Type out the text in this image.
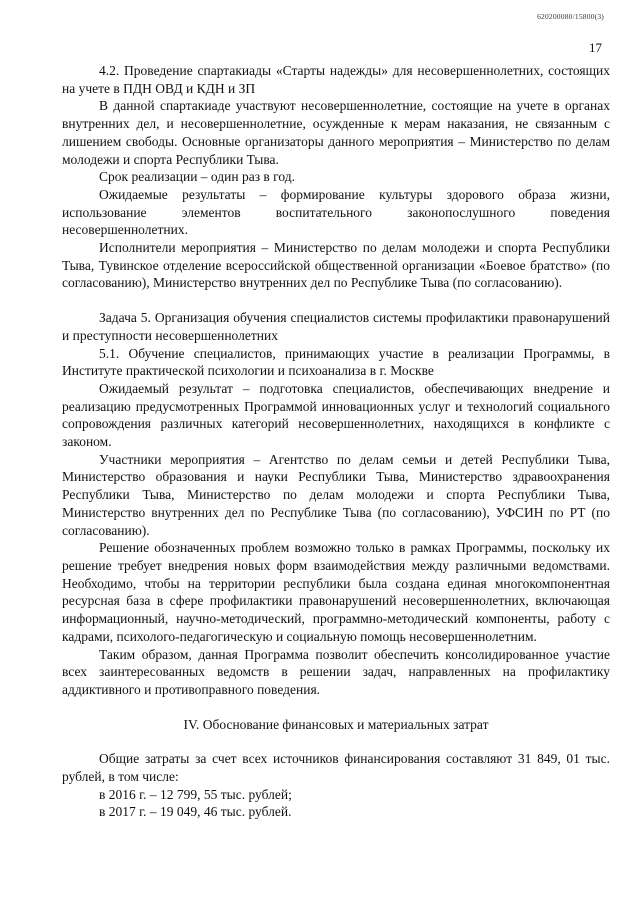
620200080/15800(3)
17

4.2. Проведение спартакиады «Старты надежды» для несовершеннолетних, состоящих на учете в ПДН ОВД и КДН и ЗП

В данной спартакиаде участвуют несовершеннолетние, состоящие на учете в органах внутренних дел, и несовершеннолетние, осужденные к мерам наказания, не связанным с лишением свободы. Основные организаторы данного мероприятия – Министерство по делам молодежи и спорта Республики Тыва.

Срок реализации – один раз в год.

Ожидаемые результаты – формирование культуры здорового образа жизни, использование элементов воспитательного законопослушного поведения несовершеннолетних.

Исполнители мероприятия – Министерство по делам молодежи и спорта Республики Тыва, Тувинское отделение всероссийской общественной организации «Боевое братство» (по согласованию), Министерство внутренних дел по Республике Тыва (по согласованию).

Задача 5. Организация обучения специалистов системы профилактики правонарушений и преступности несовершеннолетних

5.1. Обучение специалистов, принимающих участие в реализации Программы, в Институте практической психологии и психоанализа в г. Москве

Ожидаемый результат – подготовка специалистов, обеспечивающих внедрение и реализацию предусмотренных Программой инновационных услуг и технологий социального сопровождения различных категорий несовершеннолетних, находящихся в конфликте с законом.

Участники мероприятия – Агентство по делам семьи и детей Республики Тыва, Министерство образования и науки Республики Тыва, Министерство здравоохранения Республики Тыва, Министерство по делам молодежи и спорта Республики Тыва, Министерство внутренних дел по Республике Тыва (по согласованию), УФСИН по РТ (по согласованию).

Решение обозначенных проблем возможно только в рамках Программы, поскольку их решение требует внедрения новых форм взаимодействия между различными ведомствами. Необходимо, чтобы на территории республики была создана единая многокомпонентная ресурсная база в сфере профилактики правонарушений несовершеннолетних, включающая информационный, научно-методический, программно-методический компоненты, работу с кадрами, психолого-педагогическую и социальную помощь несовершеннолетним.

Таким образом, данная Программа позволит обеспечить консолидированное участие всех заинтересованных ведомств в решении задач, направленных на профилактику аддиктивного и противоправного поведения.

IV. Обоснование финансовых и материальных затрат

Общие затраты за счет всех источников финансирования составляют 31 849, 01 тыс. рублей, в том числе:

в 2016 г. – 12 799, 55 тыс. рублей;

в 2017 г. – 19 049, 46 тыс. рублей.
